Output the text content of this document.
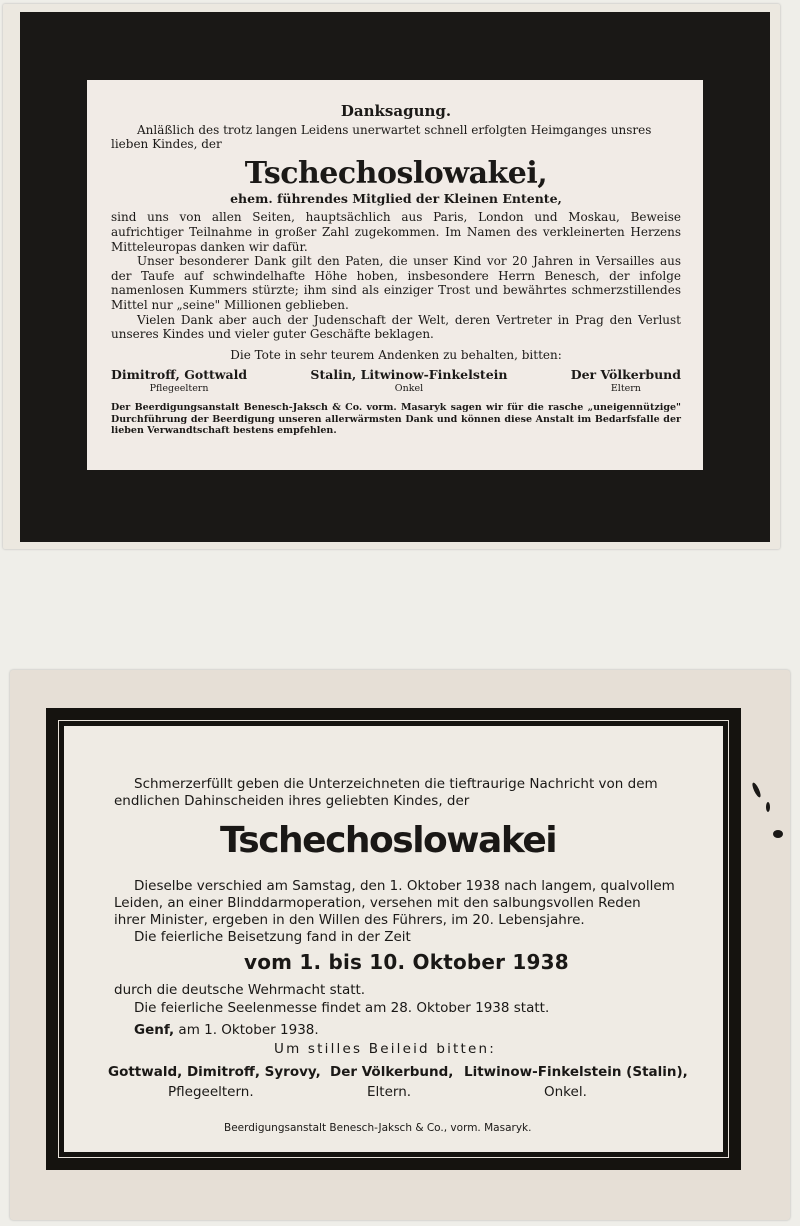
Danksagung.

Anläßlich des trotz langen Leidens unerwartet schnell erfolgten Heimganges unsres

lieben Kindes, der

Tschechoslowakei,
ehem. führendes Mitglied der Kleinen Entente,

sind uns von allen Seiten, hauptsächlich aus Paris, London und Moskau, Beweise aufrichtiger Teilnahme in großer Zahl zugekommen. Im Namen des verkleinerten Herzens Mitteleuropas danken wir dafür.

Unser besonderer Dank gilt den Paten, die unser Kind vor 20 Jahren in Versailles aus der Taufe auf schwindelhafte Höhe hoben, insbesondere Herrn Benesch, der infolge namenlosen Kummers stürzte; ihm sind als einziger Trost und bewährtes schmerzstillendes Mittel nur „seine" Millionen geblieben.

Vielen Dank aber auch der Judenschaft der Welt, deren Vertreter in Prag den Verlust unseres Kindes und vieler guter Geschäfte beklagen.

Die Tote in sehr teurem Andenken zu behalten, bitten:
Dimitroff, Gottwald
Pflegeeltern
Stalin, Litwinow-Finkelstein
Onkel
Der Völkerbund
Eltern
Der Beerdigungsanstalt Benesch-Jaksch & Co. vorm. Masaryk sagen wir für die rasche „uneigennützige" Durchführung der Beerdigung unseren allerwärmsten Dank und können diese Anstalt im Bedarfsfalle der lieben Verwandtschaft bestens empfehlen.
Schmerzerfüllt geben die Unterzeichneten die tieftraurige Nachricht von dem
endlichen Dahinscheiden ihres geliebten Kindes, der
Tschechoslowakei
Dieselbe verschied am Samstag, den 1. Oktober 1938 nach langem, qualvollem
Leiden, an einer Blinddarmoperation, versehen mit den salbungsvollen Reden
ihrer Minister, ergeben in den Willen des Führers, im 20. Lebensjahre.
Die feierliche Beisetzung fand in der Zeit
vom 1. bis 10. Oktober 1938
durch die deutsche Wehrmacht statt.
Die feierliche Seelenmesse findet am 28. Oktober 1938 statt.
Genf, am 1. Oktober 1938.
Um stilles Beileid bitten:
Gottwald, Dimitroff, Syrovy, Der Völkerbund, Litwinow-Finkelstein (Stalin),
Pflegeeltern.	Eltern.	Onkel.
Beerdigungsanstalt Benesch-Jaksch & Co., vorm. Masaryk.
